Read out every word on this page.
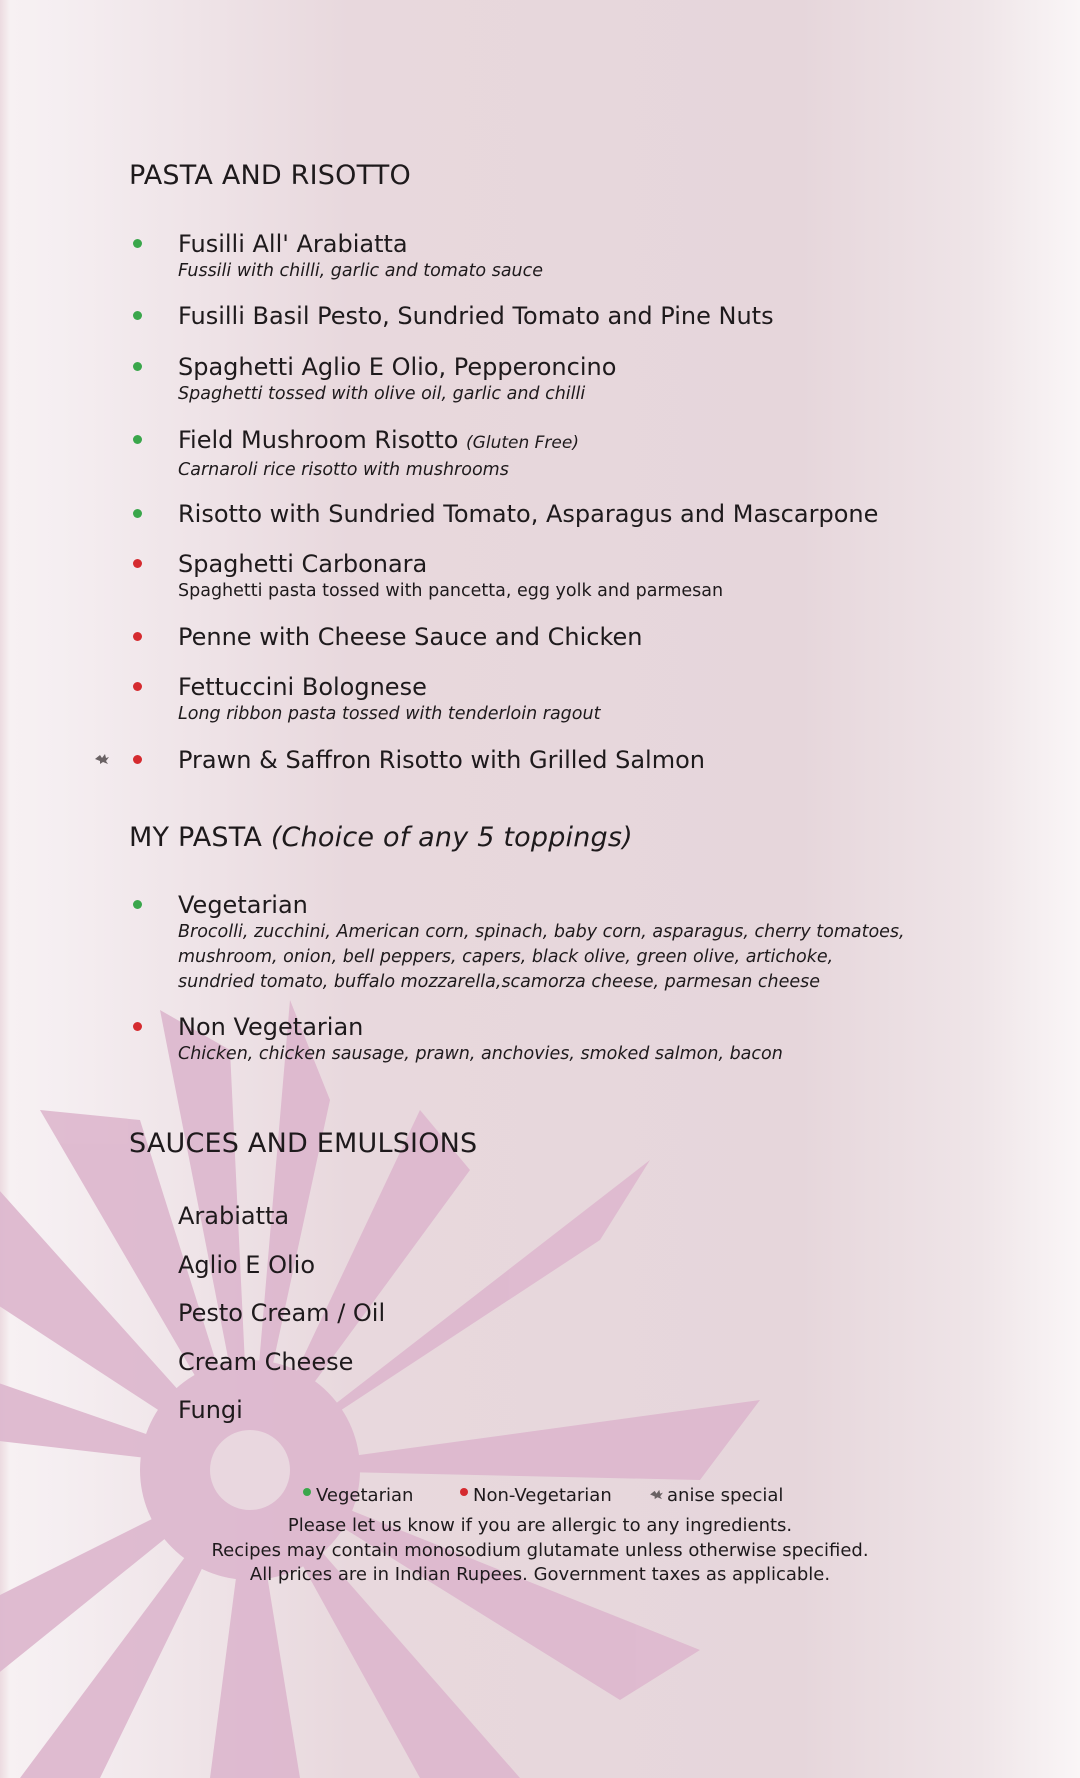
PASTA AND RISOTTO
Fusilli All' Arabiatta
Fussili with chilli, garlic and tomato sauce
Fusilli Basil Pesto, Sundried Tomato and Pine Nuts
Spaghetti Aglio E Olio, Pepperoncino
Spaghetti tossed with olive oil, garlic and chilli
Field Mushroom Risotto (Gluten Free)
Carnaroli rice risotto with mushrooms
Risotto with Sundried Tomato, Asparagus and Mascarpone
Spaghetti Carbonara
Spaghetti pasta tossed with pancetta, egg yolk and parmesan
Penne with Cheese Sauce and Chicken
Fettuccini Bolognese
Long ribbon pasta tossed with tenderloin ragout
Prawn & Saffron Risotto with Grilled Salmon
MY PASTA (Choice of any 5 toppings)
Vegetarian
Brocolli, zucchini, American corn, spinach, baby corn, asparagus, cherry tomatoes,
mushroom, onion, bell peppers, capers, black olive, green olive, artichoke,
sundried tomato, buffalo mozzarella,scamorza cheese, parmesan cheese
Non Vegetarian
Chicken, chicken sausage, prawn, anchovies, smoked salmon, bacon
SAUCES AND EMULSIONS
Arabiatta
Aglio E Olio
Pesto Cream / Oil
Cream Cheese
Fungi
Vegetarian	Non-Vegetarian	anise special
Please let us know if you are allergic to any ingredients.
Recipes may contain monosodium glutamate unless otherwise specified.
All prices are in Indian Rupees. Government taxes as applicable.
